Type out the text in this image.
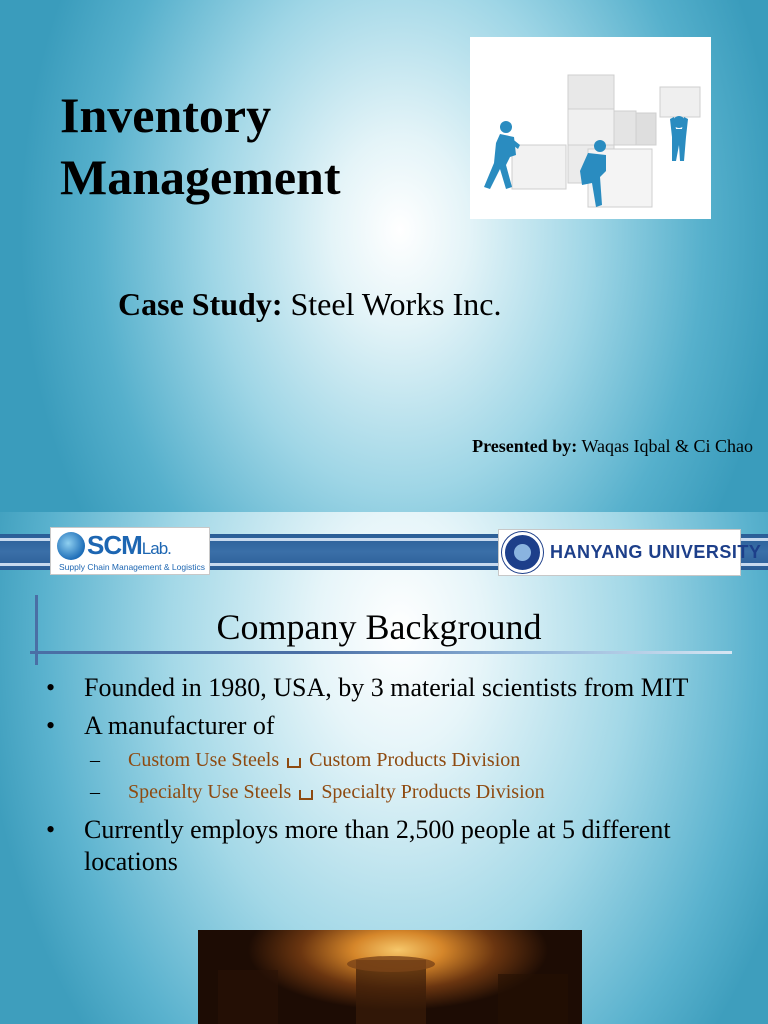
Inventory
Management
Case Study: Steel Works Inc.
Presented by: Waqas Iqbal & Ci Chao
SCMLab.
Supply Chain Management & Logistics
HANYANG UNIVERSITY
Company Background
• Founded in 1980, USA, by 3 material scientists from MIT
• A manufacturer of
– Custom Use Steels Custom Products Division
– Specialty Use Steels Specialty Products Division
• Currently employs more than 2,500 people at 5 different locations
